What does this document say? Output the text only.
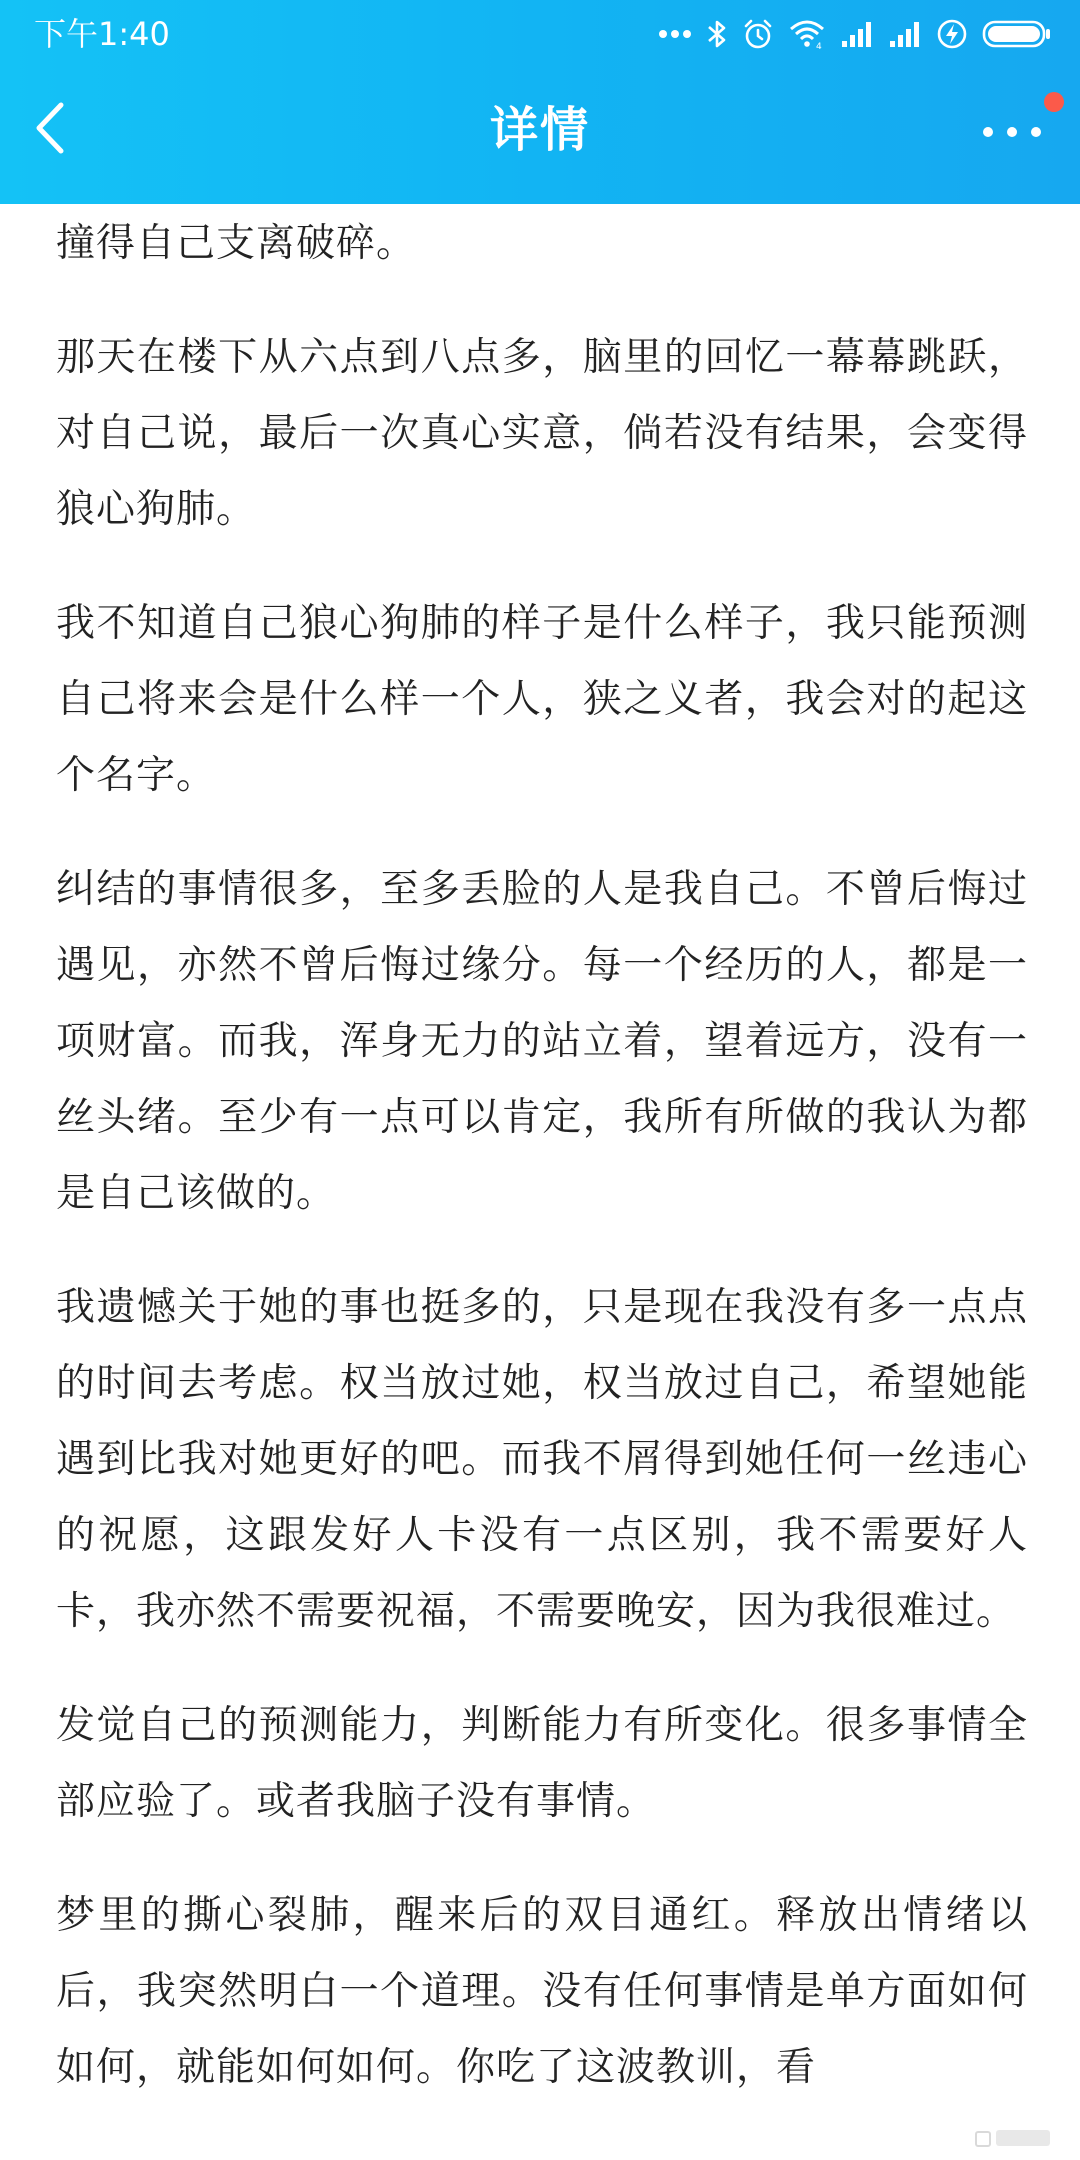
下午1:40	4
详情

撞得自己支离破碎。

那天在楼下从六点到八点多，脑里的回忆一幕幕跳跃，对自己说，最后一次真心实意，倘若没有结果，会变得狼心狗肺。

我不知道自己狼心狗肺的样子是什么样子，我只能预测自己将来会是什么样一个人，狭之义者，我会对的起这个名字。

纠结的事情很多，至多丢脸的人是我自己。不曾后悔过遇见，亦然不曾后悔过缘分。每一个经历的人，都是一项财富。而我，浑身无力的站立着，望着远方，没有一丝头绪。至少有一点可以肯定，我所有所做的我认为都是自己该做的。

我遗憾关于她的事也挺多的，只是现在我没有多一点点的时间去考虑。权当放过她，权当放过自己，希望她能遇到比我对她更好的吧。而我不屑得到她任何一丝违心的祝愿，这跟发好人卡没有一点区别，我不需要好人卡，我亦然不需要祝福，不需要晚安，因为我很难过。

发觉自己的预测能力，判断能力有所变化。很多事情全部应验了。或者我脑子没有事情。

梦里的撕心裂肺，醒来后的双目通红。释放出情绪以后，我突然明白一个道理。没有任何事情是单方面如何如何，就能如何如何。你吃了这波教训，看
